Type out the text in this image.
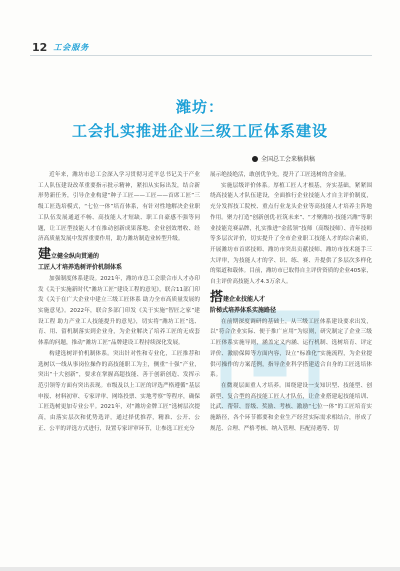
12 工会服务
潍坊：
工会扎实推进企业三级工匠体系建设
全国总工会来稿供稿

近年来，潍坊市总工会深入学习贯彻习近平总书记关于产业工人队伍建设改革重要指示批示精神，紧扣从实际出发，结合新形势新任务，引导企业构建“种子工匠——工匠——首席工匠”三级工匠选培模式，“七位一体”培育体系，有针对性地解决企业职工队伍发展通道不畅、高技能人才短缺、职工自豪感不强等问题，让工匠型技能人才在推动创新成果落地、企业创效增收、经济高质量发展中发挥重要作用，助力潍坊制造业转型升级。

建 立健全纵向贯通的
工匠人才培养选树评价机制体系

加强制度体系建设。2021年，潍坊市总工会联合市人才办印发《关于实施新时代“潍坊工匠”建设工程的意见》，联合11部门印发《关于在广大企业中建立三级工匠体系 助力全市高质量发展的实施意见》。2022年，联合多部门印发《关于实施“智匠之家”建设工程 助力产业工人技能提升的意见》，切实将“潍坊工匠”选、育、用、留机制落实到企业身，为企业解决了培养工匠的无成套体系的问题，推动“潍坊工匠”品牌建设工程持续深化发展。

构建选树评价机制体系。突出针对性和专业化，工匠推荐和选树以一线从事岗位操作的高技能职工为主，侧重“十强”产业，突出“十大创新”，要求在掌握高超技能、善于创新创造、发挥示范引领等方面有突出表现。市级及以上工匠的评选严格遵循“基层申报、材料初审、专家评审、网络投票、实地考察”等程序，确保工匠选树更加专业公平。2021年，对“潍坊金牌工匠”选树层次提高，由落实层次和优势选评，通过择优推荐，精准、公开、公正、公平的评选方式进行，设置专家评审环节，让参选工匠充分

展示绝技绝活，敢创优争先，提升了工匠选树的含金量。

实施层级评价体系。厚植工匠人才根基，夯实基础，紧紧围绕高技能人才队伍建设，全面推行企业技能人才自主评价制度，充分发挥技工院校、重点行业龙头企业等高技能人才培养主阵地作用。聚力打造“创新创优·匠筑未来”、“才聚潍坊·技能兴潍”等职业技能竞赛品牌，扎实推进“金蓝领”技师（高级技师）、青年技师等多层次评价，切实提升了全市企业职工技能人才的综合素质，开展潍坊市首席技师、潍坊市突出贡献技师、潍坊市技术能手三大评审，为技能人才的学、识、练、赛、升提供了多层次多样化的渠道和载体。目前，潍坊市已取得自主评价资质的企业405家，自主评价高技能人才4.3万余人。

搭 建企业技能人才
阶梯式培养体系实施路径

在前期深度调研的基础上，从三级工匠体系建设要求出发，以“符合企业实际、便于推广应用”为原则，研究制定了企业三级工匠体系实施导则，涵盖定义内涵、运行机制、选树培育、评定评价、激励保障等方面内容，设立“标准化”实施流程，为企业提供可操作的方案范例，指导企业科学搭建适合自身的工匠选培体系。

在微观层面重人才培养。围绕建设一支知识型、技能型、创新型、复合型的高技能工匠人才队伍，让企业搭建起技能培训、比武、帮带、晋级、奖励、考核、激励“七位一体”的工匠培育实施路径，各个环节都要和企业生产经营实际需求相结合，形成了规范、合理、严格考核、纳入管理、匹配待遇等、切
